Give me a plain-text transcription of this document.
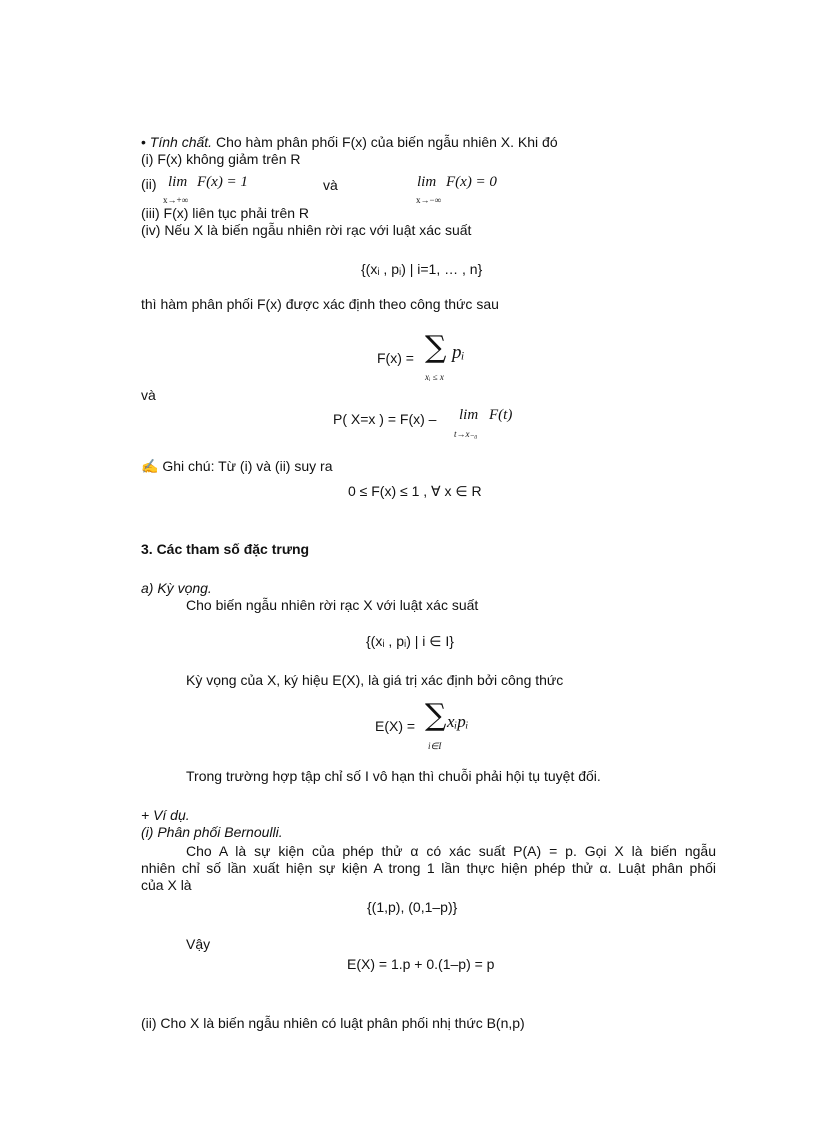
• Tính chất. Cho hàm phân phối F(x) của biến ngẫu nhiên X. Khi đó
(i) F(x) không giảm trên R
(ii) lim
x→+∞
F(x) = 1	và	lim
x→−∞
F(x) = 0
(iii) F(x) liên tục phải trên R
(iv) Nếu X là biến ngẫu nhiên rời rạc với luật xác suất
{(xᵢ , pᵢ) | i=1, … , n}
thì hàm phân phối F(x) được xác định theo công thức sau
F(x) = ∑ pᵢ
xᵢ ≤ x
và
P( X=x ) = F(x) – lim
t→x₋₀
F(t)
✍ Ghi chú: Từ (i) và (ii) suy ra
0 ≤ F(x) ≤ 1 , ∀ x ∈ R
3. Các tham số đặc trưng
a) Kỳ vọng.
Cho biến ngẫu nhiên rời rạc X với luật xác suất
{(xᵢ , pᵢ) | i ∈ I}
Kỳ vọng của X, ký hiệu E(X), là giá trị xác định bởi công thức
E(X) = ∑ xᵢpᵢ
i∈I
Trong trường hợp tập chỉ số I vô hạn thì chuỗi phải hội tụ tuyệt đối.
+ Ví dụ.
(i) Phân phối Bernoulli.
Cho A là sự kiện của phép thử α có xác suất P(A) = p. Gọi X là biến ngẫu
nhiên chỉ số lần xuất hiện sự kiện A trong 1 lần thực hiện phép thử α. Luật phân phối
của X là
{(1,p), (0,1–p)}
Vậy
E(X) = 1.p + 0.(1–p) = p
(ii) Cho X là biến ngẫu nhiên có luật phân phối nhị thức B(n,p)
